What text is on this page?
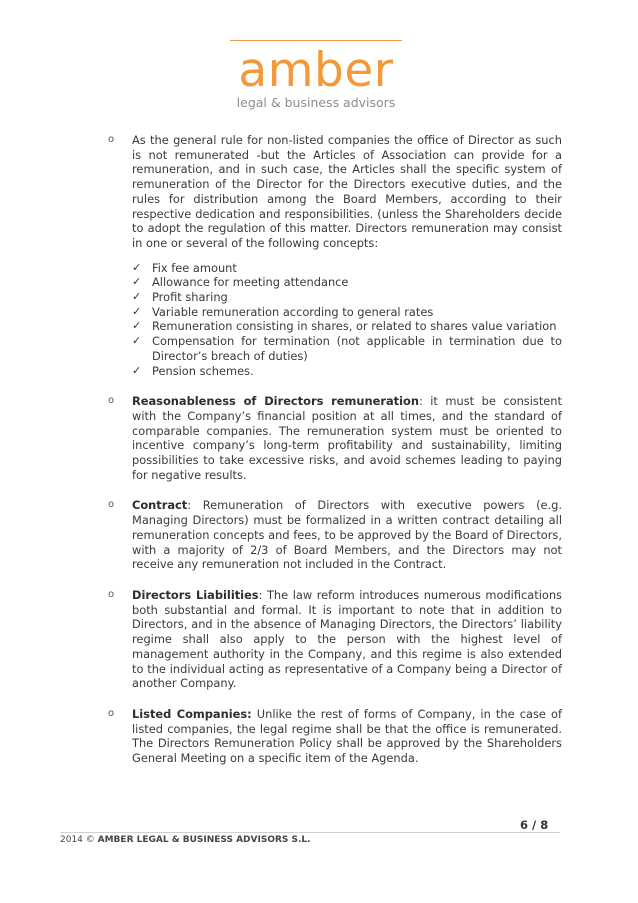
amber
legal & business advisors
o As the general rule for non-listed companies the office of Director as such is not remunerated -but the Articles of Association can provide for a remuneration, and in such case, the Articles shall the specific system of remuneration of the Director for the Directors executive duties, and the rules for distribution among the Board Members, according to their respective dedication and responsibilities. (unless the Shareholders decide to adopt the regulation of this matter. Directors remuneration may consist in one or several of the following concepts:
✓ Fix fee amount
✓ Allowance for meeting attendance
✓ Profit sharing
✓ Variable remuneration according to general rates
✓ Remuneration consisting in shares, or related to shares value variation
✓ Compensation for termination (not applicable in termination due to Director’s breach of duties)
✓ Pension schemes.
o Reasonableness of Directors remuneration: it must be consistent with the Company’s financial position at all times, and the standard of comparable companies. The remuneration system must be oriented to incentive company’s long-term profitability and sustainability, limiting possibilities to take excessive risks, and avoid schemes leading to paying for negative results.
o Contract: Remuneration of Directors with executive powers (e.g. Managing Directors) must be formalized in a written contract detailing all remuneration concepts and fees, to be approved by the Board of Directors, with a majority of 2/3 of Board Members, and the Directors may not receive any remuneration not included in the Contract.
o Directors Liabilities: The law reform introduces numerous modifications both substantial and formal. It is important to note that in addition to Directors, and in the absence of Managing Directors, the Directors’ liability regime shall also apply to the person with the highest level of management authority in the Company, and this regime is also extended to the individual acting as representative of a Company being a Director of another Company.
o Listed Companies: Unlike the rest of forms of Company, in the case of listed companies, the legal regime shall be that the office is remunerated. The Directors Remuneration Policy shall be approved by the Shareholders General Meeting on a specific item of the Agenda.
6 / 8
2014 © AMBER LEGAL & BUSINESS ADVISORS S.L.
